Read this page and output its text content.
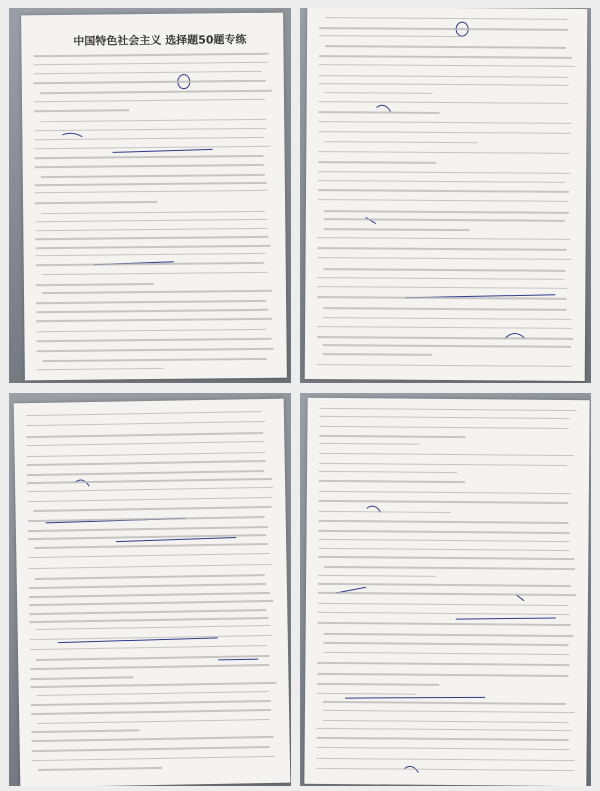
中国特色社会主义 选择题50题专练
